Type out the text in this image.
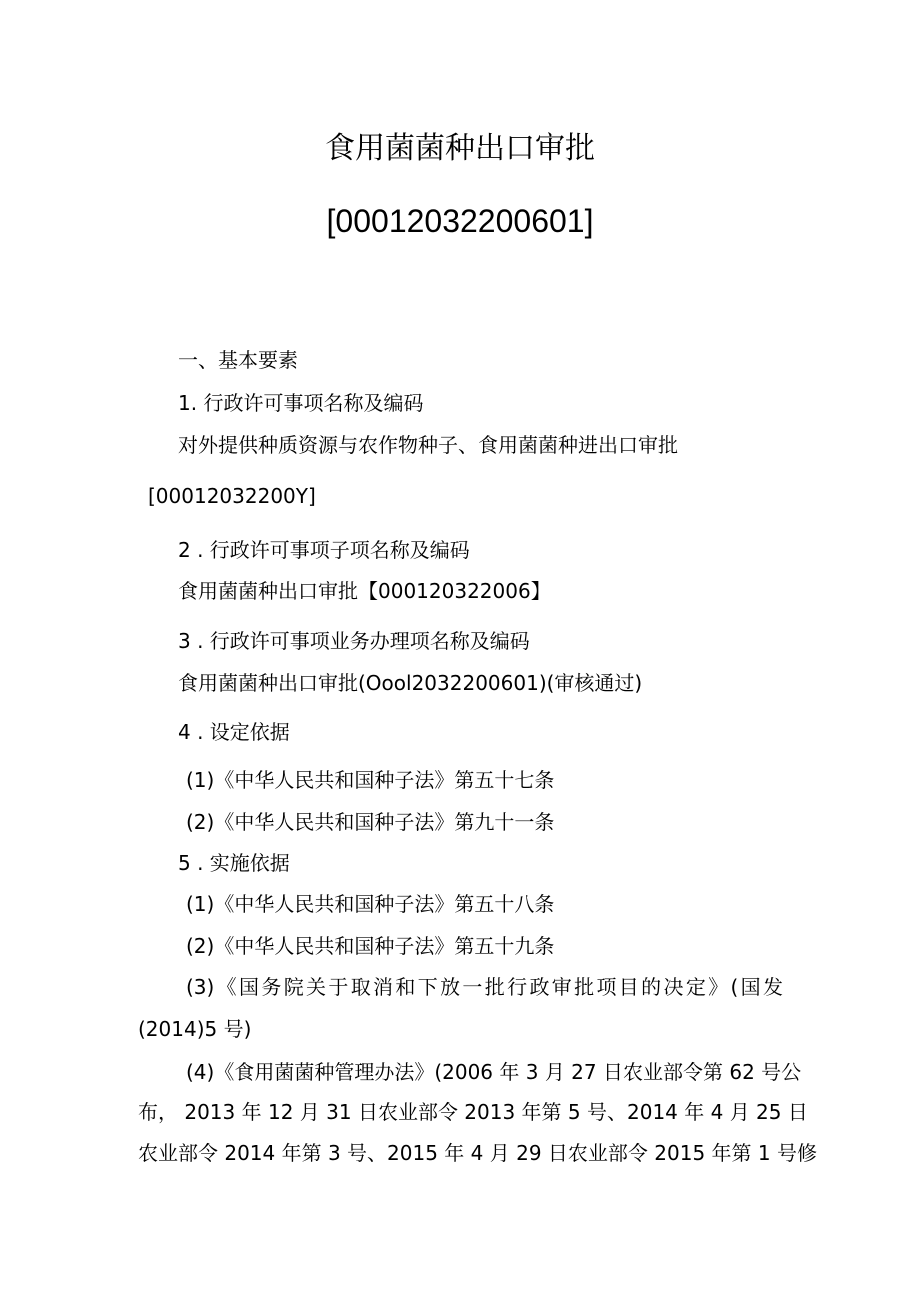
食用菌菌种出口审批
[00012032200601]
一、基本要素
1. 行政许可事项名称及编码
对外提供种质资源与农作物种子、食用菌菌种进出口审批
[00012032200Y]
2 . 行政许可事项子项名称及编码
食用菌菌种出口审批【000120322006】
3 . 行政许可事项业务办理项名称及编码
食用菌菌种出口审批(Oool2032200601)(审核通过)
4 . 设定依据
(1)《中华人民共和国种子法》第五十七条
(2)《中华人民共和国种子法》第九十一条
5 . 实施依据
(1)《中华人民共和国种子法》第五十八条
(2)《中华人民共和国种子法》第五十九条
(3)《国务院关于取消和下放一批行政审批项目的决定》(国发
(2014)5 号)
(4)《食用菌菌种管理办法》(2006 年 3 月 27 日农业部令第 62 号公
布， 2013 年 12 月 31 日农业部令 2013 年第 5 号、2014 年 4 月 25 日
农业部令 2014 年第 3 号、2015 年 4 月 29 日农业部令 2015 年第 1 号修
